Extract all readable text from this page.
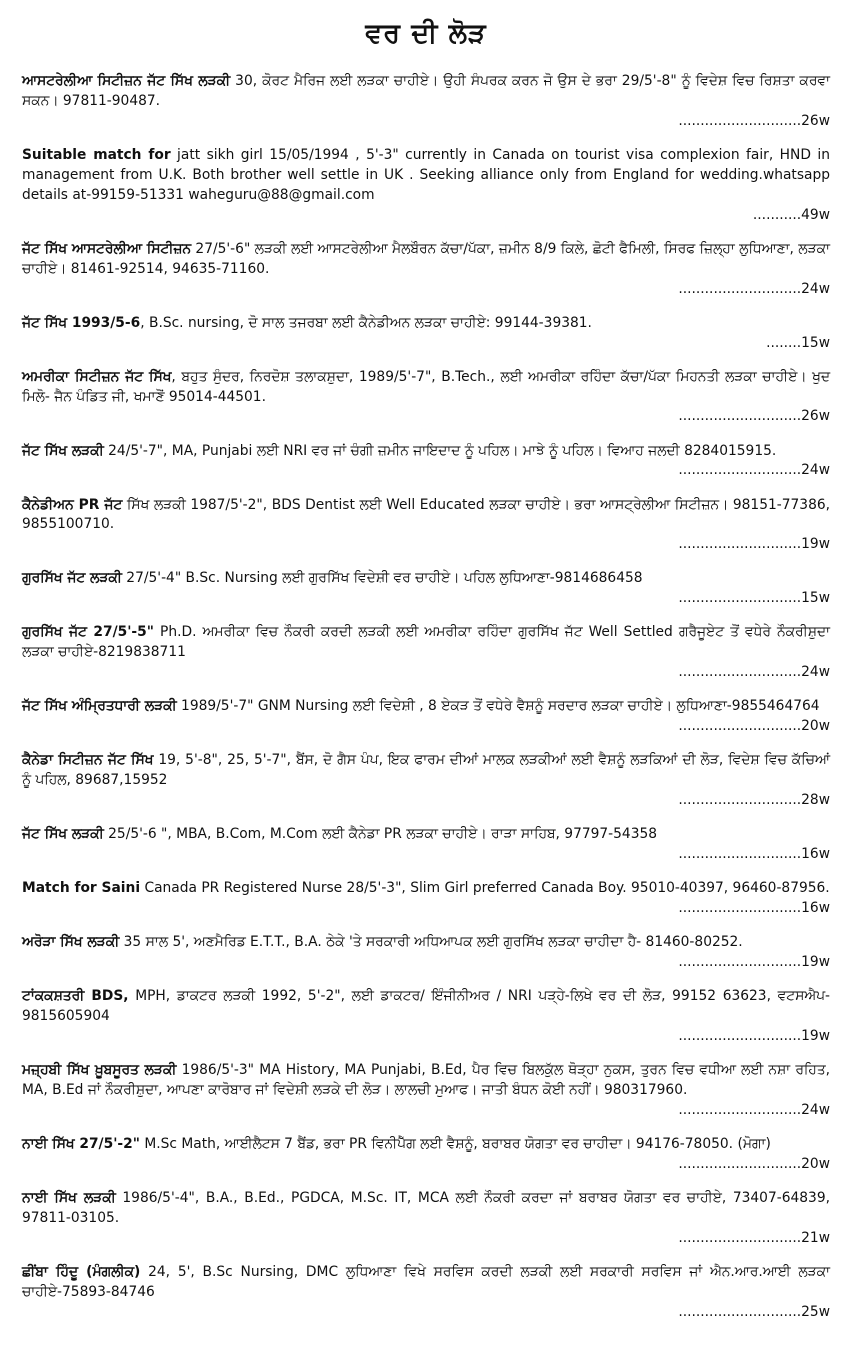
ਵਰ ਦੀ ਲੋੜ
ਆਸਟਰੇਲੀਆ ਸਿਟੀਜ਼ਨ ਜੱਟ ਸਿੱਖ ਲੜਕੀ 30, ਕੋਰਟ ਮੈਰਿਜ ਲਈ ਲੜਕਾ ਚਾਹੀਏ। ਉਹੀ ਸੰਪਰਕ ਕਰਨ ਜੋ ਉਸ ਦੇ ਭਰਾ 29/5'-8" ਨੂੰ ਵਿਦੇਸ਼ ਵਿਚ ਰਿਸ਼ਤਾ ਕਰਵਾ ਸਕਨ। 97811-90487.
............................26w
Suitable match for jatt sikh girl 15/05/1994 , 5'-3" currently in Canada on tourist visa complexion fair, HND in management from U.K. Both brother well settle in UK . Seeking alliance only from England for wedding.whatsapp details at-99159-51331 waheguru@88@gmail.com
...........49w
ਜੱਟ ਸਿੱਖ ਆਸਟਰੇਲੀਆ ਸਿਟੀਜ਼ਨ 27/5'-6" ਲੜਕੀ ਲਈ ਆਸਟਰੇਲੀਆ ਮੈਲਬੌਰਨ ਕੱਚਾ/ਪੱਕਾ, ਜ਼ਮੀਨ 8/9 ਕਿਲੇ, ਛੋਟੀ ਫੈਮਿਲੀ, ਸਿਰਫ ਜ਼ਿਲ੍ਹਾ ਲੁਧਿਆਣਾ, ਲੜਕਾ ਚਾਹੀਏ। 81461-92514, 94635-71160.
............................24w
ਜੱਟ ਸਿੱਖ 1993/5-6, B.Sc. nursing, ਦੋ ਸਾਲ ਤਜਰਬਾ ਲਈ ਕੈਨੇਡੀਅਨ ਲੜਕਾ ਚਾਹੀਏ: 99144-39381.
........15w
ਅਮਰੀਕਾ ਸਿਟੀਜ਼ਨ ਜੱਟ ਸਿੱਖ, ਬਹੁਤ ਸੁੰਦਰ, ਨਿਰਦੋਸ਼ ਤਲਾਕਸ਼ੁਦਾ, 1989/5'-7", B.Tech., ਲਈ ਅਮਰੀਕਾ ਰਹਿੰਦਾ ਕੱਚਾ/ਪੱਕਾ ਮਿਹਨਤੀ ਲੜਕਾ ਚਾਹੀਏ। ਖੁਦ ਮਿਲੋ- ਜੈਨ ਪੰਡਿਤ ਜੀ, ਖਮਾਣੋਂ 95014-44501.
............................26w
ਜੱਟ ਸਿੱਖ ਲੜਕੀ 24/5'-7", MA, Punjabi ਲਈ NRI ਵਰ ਜਾਂ ਚੰਗੀ ਜ਼ਮੀਨ ਜਾਇਦਾਦ ਨੂੰ ਪਹਿਲ। ਮਾਝੇ ਨੂੰ ਪਹਿਲ। ਵਿਆਹ ਜਲਦੀ 8284015915.
............................24w
ਕੈਨੇਡੀਅਨ PR ਜੱਟ ਸਿੱਖ ਲੜਕੀ 1987/5'-2", BDS Dentist ਲਈ Well Educated ਲੜਕਾ ਚਾਹੀਏ। ਭਰਾ ਆਸਟ੍ਰੇਲੀਆ ਸਿਟੀਜ਼ਨ। 98151-77386, 9855100710.
............................19w
ਗੁਰਸਿੱਖ ਜੱਟ ਲੜਕੀ 27/5'-4" B.Sc. Nursing ਲਈ ਗੁਰਸਿੱਖ ਵਿਦੇਸ਼ੀ ਵਰ ਚਾਹੀਏ। ਪਹਿਲ ਲੁਧਿਆਣਾ-9814686458
............................15w
ਗੁਰਸਿੱਖ ਜੱਟ 27/5'-5" Ph.D. ਅਮਰੀਕਾ ਵਿਚ ਨੌਕਰੀ ਕਰਦੀ ਲੜਕੀ ਲਈ ਅਮਰੀਕਾ ਰਹਿੰਦਾ ਗੁਰਸਿੱਖ ਜੱਟ Well Settled ਗਰੈਜੂਏਟ ਤੋਂ ਵਧੇਰੇ ਨੌਕਰੀਸ਼ੁਦਾ ਲੜਕਾ ਚਾਹੀਏ-8219838711
............................24w
ਜੱਟ ਸਿੱਖ ਅੰਮ੍ਰਿਤਧਾਰੀ ਲੜਕੀ 1989/5'-7" GNM Nursing ਲਈ ਵਿਦੇਸ਼ੀ , 8 ਏਕੜ ਤੋਂ ਵਧੇਰੇ ਵੈਸ਼ਨੂੰ ਸਰਦਾਰ ਲੜਕਾ ਚਾਹੀਏ। ਲੁਧਿਆਣਾ-9855464764
............................20w
ਕੈਨੇਡਾ ਸਿਟੀਜ਼ਨ ਜੱਟ ਸਿੱਖ 19, 5'-8", 25, 5'-7", ਬੈਂਸ, ਦੋ ਗੈਸ ਪੰਪ, ਇਕ ਫਾਰਮ ਦੀਆਂ ਮਾਲਕ ਲੜਕੀਆਂ ਲਈ ਵੈਸ਼ਨੂੰ ਲੜਕਿਆਂ ਦੀ ਲੋੜ, ਵਿਦੇਸ਼ ਵਿਚ ਕੱਚਿਆਂ ਨੂੰ ਪਹਿਲ, 89687,15952
............................28w
ਜੱਟ ਸਿੱਖ ਲੜਕੀ 25/5'-6 ", MBA, B.Com, M.Com ਲਈ ਕੈਨੇਡਾ PR ਲੜਕਾ ਚਾਹੀਏ। ਰਾੜਾ ਸਾਹਿਬ, 97797-54358
............................16w
Match for Saini Canada PR Registered Nurse 28/5'-3", Slim Girl preferred Canada Boy. 95010-40397, 96460-87956.
............................16w
ਅਰੋੜਾ ਸਿੱਖ ਲੜਕੀ 35 ਸਾਲ 5', ਅਣਮੈਰਿਡ E.T.T., B.A. ਠੇਕੇ 'ਤੇ ਸਰਕਾਰੀ ਅਧਿਆਪਕ ਲਈ ਗੁਰਸਿੱਖ ਲੜਕਾ ਚਾਹੀਦਾ ਹੈ- 81460-80252.
............................19w
ਟਾਂਕਕਸ਼ਤਰੀ BDS, MPH, ਡਾਕਟਰ ਲੜਕੀ 1992, 5'-2", ਲਈ ਡਾਕਟਰ/ ਇੰਜੀਨੀਅਰ / NRI ਪੜ੍ਹੇ-ਲਿਖੇ ਵਰ ਦੀ ਲੋੜ, 99152 63623, ਵਟਸਐਪ- 9815605904
............................19w
ਮਜ਼੍ਹਬੀ ਸਿੱਖ ਖ਼ੂਬਸੂਰਤ ਲੜਕੀ 1986/5'-3" MA History, MA Punjabi, B.Ed, ਪੈਰ ਵਿਚ ਬਿਲਕੁੱਲ ਥੋੜ੍ਹਾ ਨੁਕਸ, ਤੁਰਨ ਵਿਚ ਵਧੀਆ ਲਈ ਨਸ਼ਾ ਰਹਿਤ, MA, B.Ed ਜਾਂ ਨੌਕਰੀਸ਼ੁਦਾ, ਆਪਣਾ ਕਾਰੋਬਾਰ ਜਾਂ ਵਿਦੇਸ਼ੀ ਲੜਕੇ ਦੀ ਲੋੜ। ਲਾਲਚੀ ਮੁਆਫ। ਜਾਤੀ ਬੰਧਨ ਕੋਈ ਨਹੀਂ। 980317960.
............................24w
ਨਾਈ ਸਿੱਖ 27/5'-2" M.Sc Math, ਆਈਲੈਟਸ 7 ਬੈਂਡ, ਭਰਾ PR ਵਿਨੀਪੈੱਗ ਲਈ ਵੈਸ਼ਨੂੰ, ਬਰਾਬਰ ਯੋਗਤਾ ਵਰ ਚਾਹੀਦਾ। 94176-78050. (ਮੋਗਾ)
............................20w
ਨਾਈ ਸਿੱਖ ਲੜਕੀ 1986/5'-4", B.A., B.Ed., PGDCA, M.Sc. IT, MCA ਲਈ ਨੌਕਰੀ ਕਰਦਾ ਜਾਂ ਬਰਾਬਰ ਯੋਗਤਾ ਵਰ ਚਾਹੀਏ, 73407-64839, 97811-03105.
............................21w
ਛੀਂਬਾ ਹਿੰਦੂ (ਮੰਗਲੀਕ) 24, 5', B.Sc Nursing, DMC ਲੁਧਿਆਣਾ ਵਿਖੇ ਸਰਵਿਸ ਕਰਦੀ ਲੜਕੀ ਲਈ ਸਰਕਾਰੀ ਸਰਵਿਸ ਜਾਂ ਐਨ.ਆਰ.ਆਈ ਲੜਕਾ ਚਾਹੀਏ-75893-84746
............................25w
